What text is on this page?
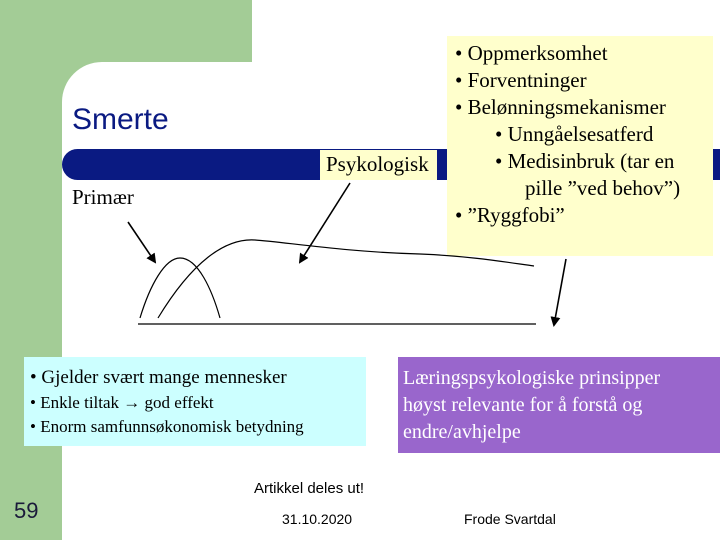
Smerte
• Oppmerksomhet
• Forventninger
• Belønningsmekanismer
• Unngåelsesatferd
• Medisinbruk (tar en
pille ”ved behov”)
• ”Ryggfobi”
Psykologisk
Primær
• Gjelder svært mange mennesker
• Enkle tiltak → god effekt
• Enorm samfunnsøkonomisk betydning
Læringspsykologiske prinsipper
høyst relevante for å forstå og
endre/avhjelpe
Artikkel deles ut!
59	31.10.2020	Frode Svartdal
